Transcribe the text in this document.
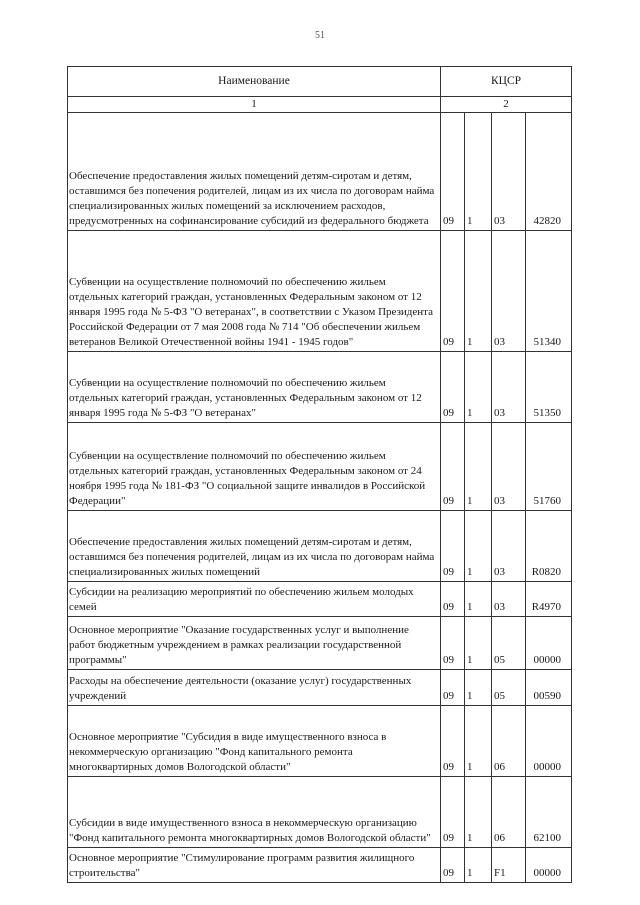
51
Наименование	КЦСР			
1	2			
Обеспечение предоставления жилых помещений детям-сиротам и детям, оставшимся без попечения родителей, лицам из их числа по договорам найма специализированных жилых помещений за исключением расходов, предусмотренных на софинансирование субсидий из федерального бюджета	09	1	03	42820
Субвенции на осуществление полномочий по обеспечению жильем отдельных категорий граждан, установленных Федеральным законом от 12 января 1995 года № 5-ФЗ "О ветеранах", в соответствии с Указом Президента Российской Федерации от 7 мая 2008 года № 714 "Об обеспечении жильем ветеранов Великой Отечественной войны 1941 - 1945 годов"	09	1	03	51340
Субвенции на осуществление полномочий по обеспечению жильем отдельных категорий граждан, установленных Федеральным законом от 12 января 1995 года № 5-ФЗ "О ветеранах"	09	1	03	51350
Субвенции на осуществление полномочий по обеспечению жильем отдельных категорий граждан, установленных Федеральным законом от 24 ноября 1995 года № 181-ФЗ "О социальной защите инвалидов в Российской Федерации"	09	1	03	51760
Обеспечение предоставления жилых помещений детям-сиротам и детям, оставшимся без попечения родителей, лицам из их числа по договорам найма специализированных жилых помещений	09	1	03	R0820
Субсидии на реализацию мероприятий по обеспечению жильем молодых семей	09	1	03	R4970
Основное мероприятие "Оказание государственных услуг и выполнение работ бюджетным учреждением в рамках реализации государственной программы"	09	1	05	00000
Расходы на обеспечение деятельности (оказание услуг) государственных учреждений	09	1	05	00590
Основное мероприятие "Субсидия в виде имущественного взноса в некоммерческую организацию "Фонд капитального ремонта многоквартирных домов Вологодской области"	09	1	06	00000
Субсидии в виде имущественного взноса в некоммерческую организацию "Фонд капитального ремонта многоквартирных домов Вологодской области"	09	1	06	62100
Основное мероприятие "Стимулирование программ развития жилищного строительства"	09	1	F1	00000
